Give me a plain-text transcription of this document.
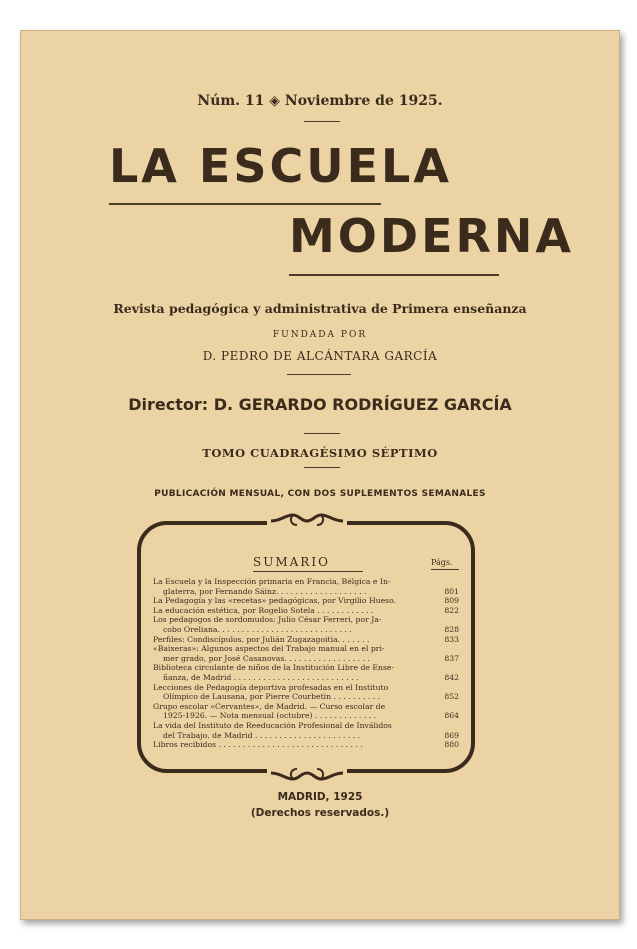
Núm. 11 ◈ Noviembre de 1925.
LA ESCUELA
MODERNA
Revista pedagógica y administrativa de Primera enseñanza
FUNDADA POR
D. PEDRO DE ALCÁNTARA GARCÍA
Director: D. GERARDO RODRÍGUEZ GARCÍA
TOMO CUADRAGÉSIMO SÉPTIMO
PUBLICACIÓN MENSUAL, CON DOS SUPLEMENTOS SEMANALES
SUMARIO	Págs.
La Escuela y la Inspección primaria en Francia, Bélgica e In-
glaterra, por Fernando Sáinz. . . . . . . . . . . . . . . . . . .	801
La Pedagogía y las «recetas» pedagógicas, por Virgilio Hueso.	809
La educación estética, por Rogelio Sotela . . . . . . . . . . . .	822
Los pedagogos de sordomudos: Julio César Ferreri, por Ja-
cobo Oreliana. . . . . . . . . . . . . . . . . . . . . . . . . . . .	828
Perfiles: Condiscípulos, por Julián Zugazagoitia. . . . . . .	833
«Baixeras»: Algunos aspectos del Trabajo manual en el pri-
mer grado, por José Casanovas. . . . . . . . . . . . . . . . . .	837
Biblioteca circulante de niños de la Institución Libre de Ense-
ñanza, de Madrid . . . . . . . . . . . . . . . . . . . . . . . . . .	842
Lecciones de Pedagogía deportiva profesadas en el Instituto
Olímpico de Lausana, por Pierre Courbetin . . . . . . . . . .	852
Grupo escolar «Cervantes», de Madrid. — Curso escolar de
1925-1926. — Nota mensual (octubre) . . . . . . . . . . . . .	864
La vida del Instituto de Reeducación Profesional de Inválidos
del Trabajo, de Madrid . . . . . . . . . . . . . . . . . . . . . .	869
Libros recibidos . . . . . . . . . . . . . . . . . . . . . . . . . . . . . .	880
MADRID, 1925
(Derechos reservados.)
